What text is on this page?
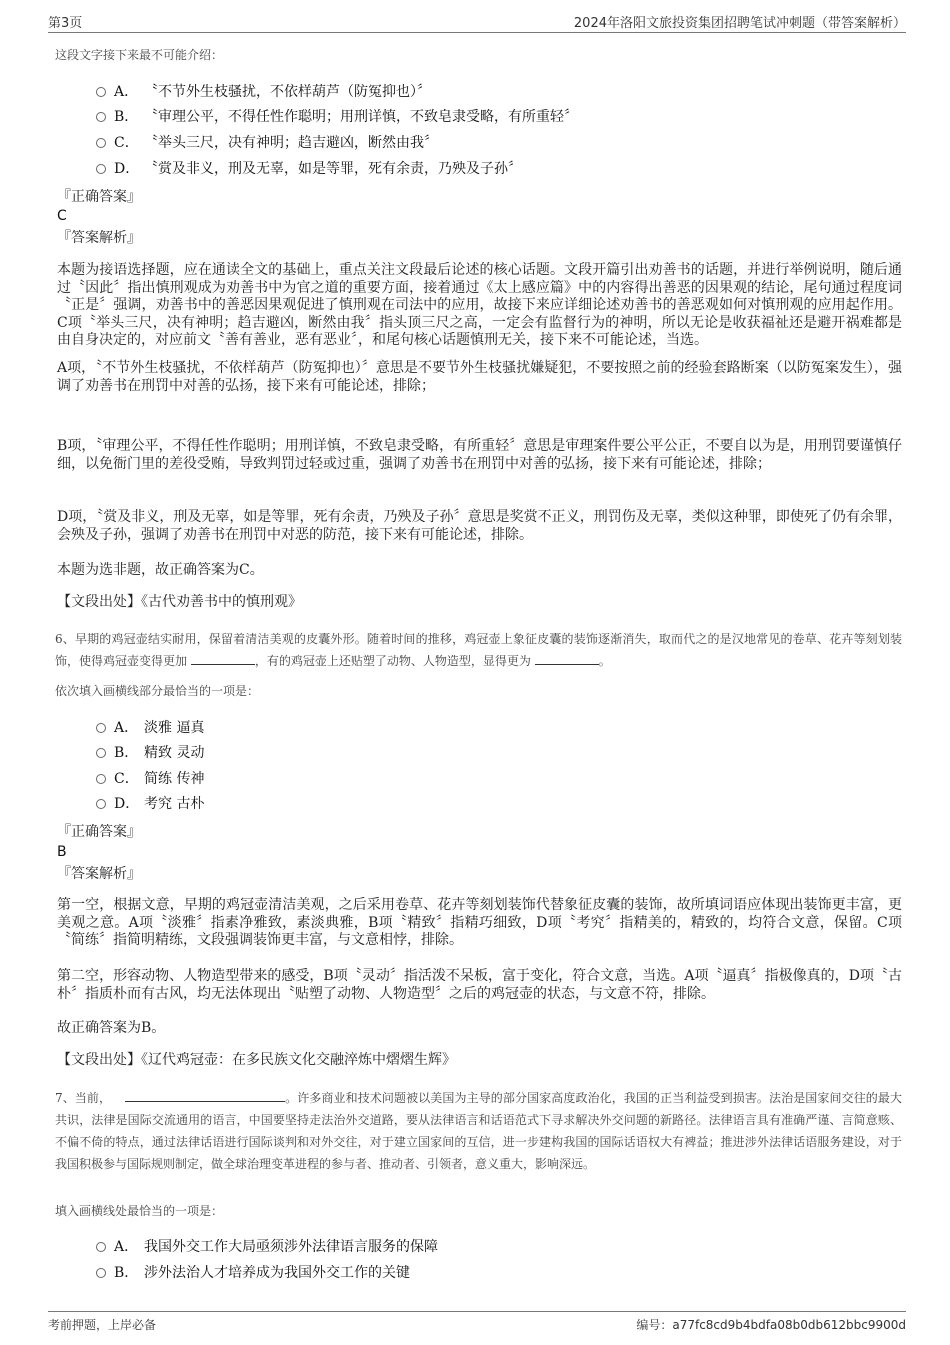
第3页	2024年洛阳文旅投资集团招聘笔试冲刺题（带答案解析）
这段文字接下来最不可能介绍：
A． 〝不节外生枝骚扰，不依样葫芦（防冤抑也）〞
B． 〝审理公平，不得任性作聪明；用刑详慎，不致皂隶受略，有所重轻〞
C． 〝举头三尺，决有神明；趋吉避凶，断然由我〞
D． 〝赏及非义，刑及无辜，如是等罪，死有余责，乃殃及子孙〞
『正确答案』
C
『答案解析』
本题为接语选择题，应在通读全文的基础上，重点关注文段最后论述的核心话题。文段开篇引出劝善书的话题，并进行举例说明，随后通过〝因此〞指出慎刑观成为劝善书中为官之道的重要方面，接着通过《太上感应篇》中的内容得出善恶的因果观的结论，尾句通过程度词〝正是〞强调，劝善书中的善恶因果观促进了慎刑观在司法中的应用，故接下来应详细论述劝善书的善恶观如何对慎刑观的应用起作用。C项〝举头三尺，决有神明；趋吉避凶，断然由我〞指头顶三尺之高，一定会有监督行为的神明，所以无论是收获福祉还是避开祸难都是由自身决定的，对应前文〝善有善业，恶有恶业〞，和尾句核心话题慎刑无关，接下来不可能论述，当选。
A项，〝不节外生枝骚扰，不依样葫芦（防冤抑也）〞意思是不要节外生枝骚扰嫌疑犯，不要按照之前的经验套路断案（以防冤案发生），强调了劝善书在刑罚中对善的弘扬，接下来有可能论述，排除；
B项，〝审理公平，不得任性作聪明；用刑详慎，不致皂隶受略，有所重轻〞意思是审理案件要公平公正，不要自以为是，用刑罚要谨慎仔细，以免衙门里的差役受贿，导致判罚过轻或过重，强调了劝善书在刑罚中对善的弘扬，接下来有可能论述，排除；
D项，〝赏及非义，刑及无辜，如是等罪，死有余责，乃殃及子孙〞意思是奖赏不正义，刑罚伤及无辜，类似这种罪，即使死了仍有余罪，会殃及子孙，强调了劝善书在刑罚中对恶的防范，接下来有可能论述，排除。
本题为选非题，故正确答案为C。
【文段出处】《古代劝善书中的慎刑观》
6、早期的鸡冠壶结实耐用，保留着清洁美观的皮囊外形。随着时间的推移，鸡冠壶上象征皮囊的装饰逐渐消失，取而代之的是汉地常见的卷草、花卉等刻划装饰，使得鸡冠壶变得更加	，有的鸡冠壶上还贴塑了动物、人物造型，显得更为	。
依次填入画横线部分最恰当的一项是：
A． 淡雅 逼真
B． 精致 灵动
C． 简练 传神
D． 考究 古朴
『正确答案』
B
『答案解析』
第一空，根据文意，早期的鸡冠壶清洁美观，之后采用卷草、花卉等刻划装饰代替象征皮囊的装饰，故所填词语应体现出装饰更丰富，更美观之意。A项〝淡雅〞指素净雅致，素淡典雅，B项〝精致〞指精巧细致，D项〝考究〞指精美的，精致的，均符合文意，保留。C项〝简练〞指简明精练，文段强调装饰更丰富，与文意相悖，排除。
第二空，形容动物、人物造型带来的感受，B项〝灵动〞指活泼不呆板，富于变化，符合文意，当选。A项〝逼真〞指极像真的，D项〝古朴〞指质朴而有古风，均无法体现出〝贴塑了动物、人物造型〞之后的鸡冠壶的状态，与文意不符，排除。
故正确答案为B。
【文段出处】《辽代鸡冠壶：在多民族文化交融淬炼中熠熠生辉》
7、当前，	。许多商业和技术问题被以美国为主导的部分国家高度政治化，我国的正当利益受到损害。法治是国家间交往的最大共识，法律是国际交流通用的语言，中国要坚持走法治外交道路，要从法律语言和话语范式下寻求解决外交问题的新路径。法律语言具有准确严谨、言简意赅、不偏不倚的特点，通过法律话语进行国际谈判和对外交往，对于建立国家间的互信，进一步建构我国的国际话语权大有裨益；推进涉外法律话语服务建设，对于我国积极参与国际规则制定，做全球治理变革进程的参与者、推动者、引领者，意义重大，影响深远。
填入画横线处最恰当的一项是：
A． 我国外交工作大局亟须涉外法律语言服务的保障
B． 涉外法治人才培养成为我国外交工作的关键
考前押题，上岸必备	编号：a77fc8cd9b4bdfa08b0db612bbc9900d
